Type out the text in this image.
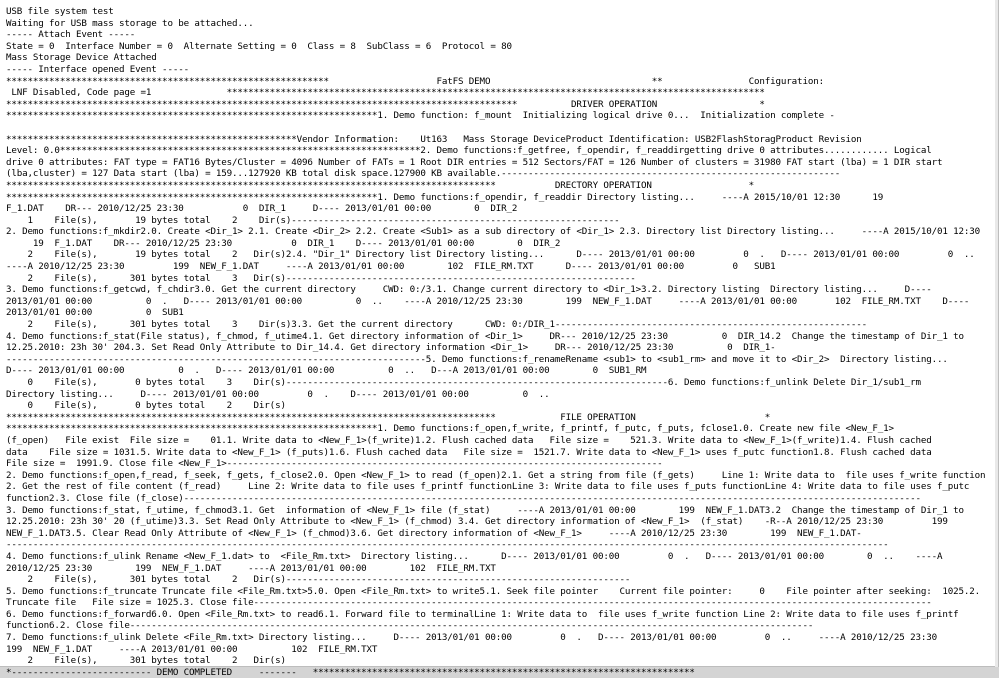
USB file system test
Waiting for USB mass storage to be attached...
----- Attach Event -----
State = 0  Interface Number = 0  Alternate Setting = 0  Class = 8  SubClass = 6  Protocol = 80
Mass Storage Device Attached
----- Interface opened Event -----
************************************************************                    FatFS DEMO                              **                Configuration:
LNF Disabled, Code page =1              ****************************************************************************************************
***********************************************************************************************          DRIVER OPERATION                   *
*********************************************************************1. Demo function: f_mount  Initializing logical drive 0...  Initialization complete -
******************************************************Vendor Information:    Ut163   Mass Storage DeviceProduct Identification: USB2FlashStoragProduct Revision
Level: 0.0*******************************************************************2. Demo functions:f_getfree, f_opendir, f_readdirgetting drive 0 attributes............ Logical
drive 0 attributes: FAT type = FAT16 Bytes/Cluster = 4096 Number of FATs = 1 Root DIR entries = 512 Sectors/FAT = 126 Number of clusters = 31980 FAT start (lba) = 1 DIR start
(lba,cluster) = 127 Data start (lba) = 159...127920 KB total disk space.127900 KB available.---------------------------------------------------------------
*******************************************************************************************           DRECTORY OPERATION                  *
*********************************************************************1. Demo functions:f_opendir, f_readdir Directory listing...     ----A 2015/10/01 12:30      19
F_1.DAT    DR--- 2010/12/25 23:30           0  DIR_1     D---- 2013/01/01 00:00        0  DIR_2
1    File(s),       19 bytes total    2    Dir(s)-------------------------------------------------------------
2. Demo functions:f_mkdir2.0. Create <Dir_1> 2.1. Create <Dir_2> 2.2. Create <Sub1> as a sub directory of <Dir_1> 2.3. Directory list Directory listing...     ----A 2015/10/01 12:30
19  F_1.DAT    DR--- 2010/12/25 23:30           0  DIR_1    D---- 2013/01/01 00:00        0  DIR_2
2    File(s),       19 bytes total    2   Dir(s)2.4. "Dir_1" Directory list Directory listing...      D---- 2013/01/01 00:00         0  .   D---- 2013/01/01 00:00         0  ..
----A 2010/12/25 23:30         199  NEW_F_1.DAT     ----A 2013/01/01 00:00        102  FILE_RM.TXT      D---- 2013/01/01 00:00         0   SUB1
2    File(s),      301 bytes total    3   Dir(s)-----------------------------------------------------------------
3. Demo functions:f_getcwd, f_chdir3.0. Get the current directory     CWD: 0:/3.1. Change current directory to <Dir_1>3.2. Directory listing  Directory listing...     D----
2013/01/01 00:00          0  .   D---- 2013/01/01 00:00          0  ..    ----A 2010/12/25 23:30        199  NEW_F_1.DAT     ----A 2013/01/01 00:00       102  FILE_RM.TXT    D----
2013/01/01 00:00          0  SUB1
2    File(s),      301 bytes total    3    Dir(s)3.3. Get the current directory      CWD: 0:/DIR_1----------------------------------------------------------
4. Demo functions:f_stat(File status), f_chmod, f_utime4.1. Get directory information of <Dir_1>     DR--- 2010/12/25 23:30          0  DIR_14.2  Change the timestamp of Dir_1 to
12.25.2010: 23h 30' 204.3. Set Read Only Attribute to Dir_14.4. Get directory information <Dir_1>     DR--- 2010/12/25 23:30          0  DIR_1-
------------------------------------------------------------------------------5. Demo functions:f_renameRename <sub1> to <sub1_rm> and move it to <Dir_2>  Directory listing...
D---- 2013/01/01 00:00          0  .   D---- 2013/01/01 00:00          0  ..   D---A 2013/01/01 00:00        0  SUB1_RM
0    File(s),       0 bytes total    3    Dir(s)-----------------------------------------------------------------------6. Demo functions:f_unlink Delete Dir_1/sub1_rm
Directory listing...     D---- 2013/01/01 00:00         0  .    D---- 2013/01/01 00:00          0  ..
0    File(s),       0 bytes total    2    Dir(s)
*******************************************************************************************            FILE OPERATION                        *
*********************************************************************1. Demo functions:f_open,f_write, f_printf, f_putc, f_puts, fclose1.0. Create new file <New_F_1>
(f_open)   File exist  File size =    01.1. Write data to <New_F_1>(f_write)1.2. Flush cached data   File size =    521.3. Write data to <New_F_1>(f_write)1.4. Flush cached
data    File size = 1031.5. Write data to <New_F_1> (f_puts)1.6. Flush cached data   File size =  1521.7. Write data to <New_F_1> uses f_putc function1.8. Flush cached data
File size =  1991.9. Close file <New_F_1>---------------------------------------------------------------------------------
2. Demo functions:f_open,f_read, f_seek, f_gets, f_close2.0. Open <New_F_1> to read (f_open)2.1. Get a string from file (f_gets)     Line 1: Write data to  file uses f_write function
2. Get the rest of file content (f_read)     Line 2: Write data to file uses f_printf functionLine 3: Write data to file uses f_puts functionLine 4: Write data to file uses f_putc
function2.3. Close file (f_close)-----------------------------------------------------------------------------------------------------------------------------------------
3. Demo functions:f_stat, f_utime, f_chmod3.1. Get  information of <New_F_1> file (f_stat)     ----A 2013/01/01 00:00        199  NEW_F_1.DAT3.2  Change the timestamp of Dir_1 to
12.25.2010: 23h 30' 20 (f_utime)3.3. Set Read Only Attribute to <New_F_1> (f_chmod) 3.4. Get directory information of <New_F_1>  (f_stat)    -R--A 2010/12/25 23:30         199
NEW_F_1.DAT3.5. Clear Read Only Attribute of <New_F_1> (f_chmod)3.6. Get directory information of <New_F_1>     ----A 2010/12/25 23:30        199  NEW_F_1.DAT-
--------------------------------------------------------------------------------------------------------------------------------------------------------------------
4. Demo functions:f_ulink Rename <New_F_1.dat> to  <File_Rm.txt>  Directory listing...      D---- 2013/01/01 00:00         0  .   D---- 2013/01/01 00:00        0  ..    ----A
2010/12/25 23:30        199  NEW_F_1.DAT     ----A 2013/01/01 00:00        102  FILE_RM.TXT
2    File(s),      301 bytes total    2   Dir(s)----------------------------------------------------------------
5. Demo functions:f_truncate Truncate file <File_Rm.txt>5.0. Open <File_Rm.txt> to write5.1. Seek file pointer    Current file pointer:     0    File pointer after seeking:  1025.2.
Truncate file   File size = 1025.3. Close file------------------------------------------------------------------------------------------------------------------------------
6. Demo functions:f_forward6.0. Open <File_Rm.txt> to read6.1. Forward file to terminalLine 1: Write data to  file uses f_write function Line 2: Write data to file uses f_printf
function6.2. Close file-------------------------------------------------------------------------------------------------------------------------------
7. Demo functions:f_ulink Delete <File_Rm.txt> Directory listing...     D---- 2013/01/01 00:00         0  .   D---- 2013/01/01 00:00         0  ..     ----A 2010/12/25 23:30
199  NEW_F_1.DAT     ----A 2013/01/01 00:00          102  FILE_RM.TXT
2    File(s),      301 bytes total    2   Dir(s)
*-------------------------- DEMO COMPLETED     -------   ***********************************************************************
